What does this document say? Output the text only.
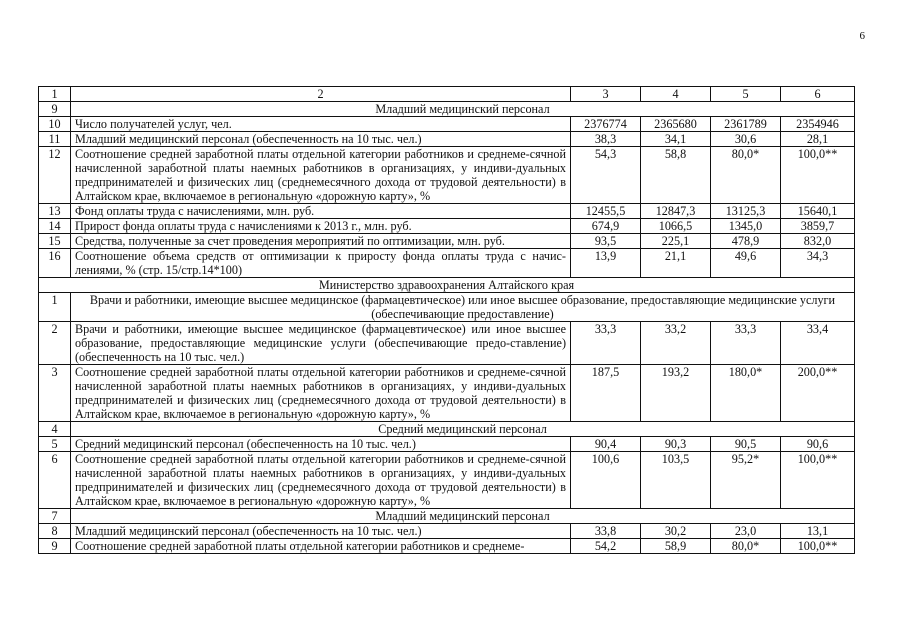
6
1	2	3	4	5	6
9	Младший медицинский персонал				
10	Число получателей услуг, чел.	2376774	2365680	2361789	2354946
11	Младший медицинский персонал (обеспеченность на 10 тыс. чел.)	38,3	34,1	30,6	28,1
12	Соотношение средней заработной платы отдельной категории работников и среднеме-сячной начисленной заработной платы наемных работников в организациях, у индиви-дуальных предпринимателей и физических лиц (среднемесячного дохода от трудовой деятельности) в Алтайском крае, включаемое в региональную «дорожную карту», %	54,3	58,8	80,0*	100,0**
13	Фонд оплаты труда с начислениями, млн. руб.	12455,5	12847,3	13125,3	15640,1
14	Прирост фонда оплаты труда с начислениями к 2013 г., млн. руб.	674,9	1066,5	1345,0	3859,7
15	Средства, полученные за счет проведения мероприятий по оптимизации, млн. руб.	93,5	225,1	478,9	832,0
16	Соотношение объема средств от оптимизации к приросту фонда оплаты труда с начис-лениями, % (стр. 15/стр.14*100)	13,9	21,1	49,6	34,3
Министерство здравоохранения Алтайского края					
1	Врачи и работники, имеющие высшее медицинское (фармацевтическое) или иное высшее образование, предоставляющие медицинские услуги (обеспечивающие предоставление)				
2	Врачи и работники, имеющие высшее медицинское (фармацевтическое) или иное высшее образование, предоставляющие медицинские услуги (обеспечивающие предо-ставление) (обеспеченность на 10 тыс. чел.)	33,3	33,2	33,3	33,4
3	Соотношение средней заработной платы отдельной категории работников и среднеме-сячной начисленной заработной платы наемных работников в организациях, у индиви-дуальных предпринимателей и физических лиц (среднемесячного дохода от трудовой деятельности) в Алтайском крае, включаемое в региональную «дорожную карту», %	187,5	193,2	180,0*	200,0**
4	Средний медицинский персонал				
5	Средний медицинский персонал (обеспеченность на 10 тыс. чел.)	90,4	90,3	90,5	90,6
6	Соотношение средней заработной платы отдельной категории работников и среднеме-сячной начисленной заработной платы наемных работников в организациях, у индиви-дуальных предпринимателей и физических лиц (среднемесячного дохода от трудовой деятельности) в Алтайском крае, включаемое в региональную «дорожную карту», %	100,6	103,5	95,2*	100,0**
7	Младший медицинский персонал				
8	Младший медицинский персонал (обеспеченность на 10 тыс. чел.)	33,8	30,2	23,0	13,1
9	Соотношение средней заработной платы отдельной категории работников и среднеме-	54,2	58,9	80,0*	100,0**
